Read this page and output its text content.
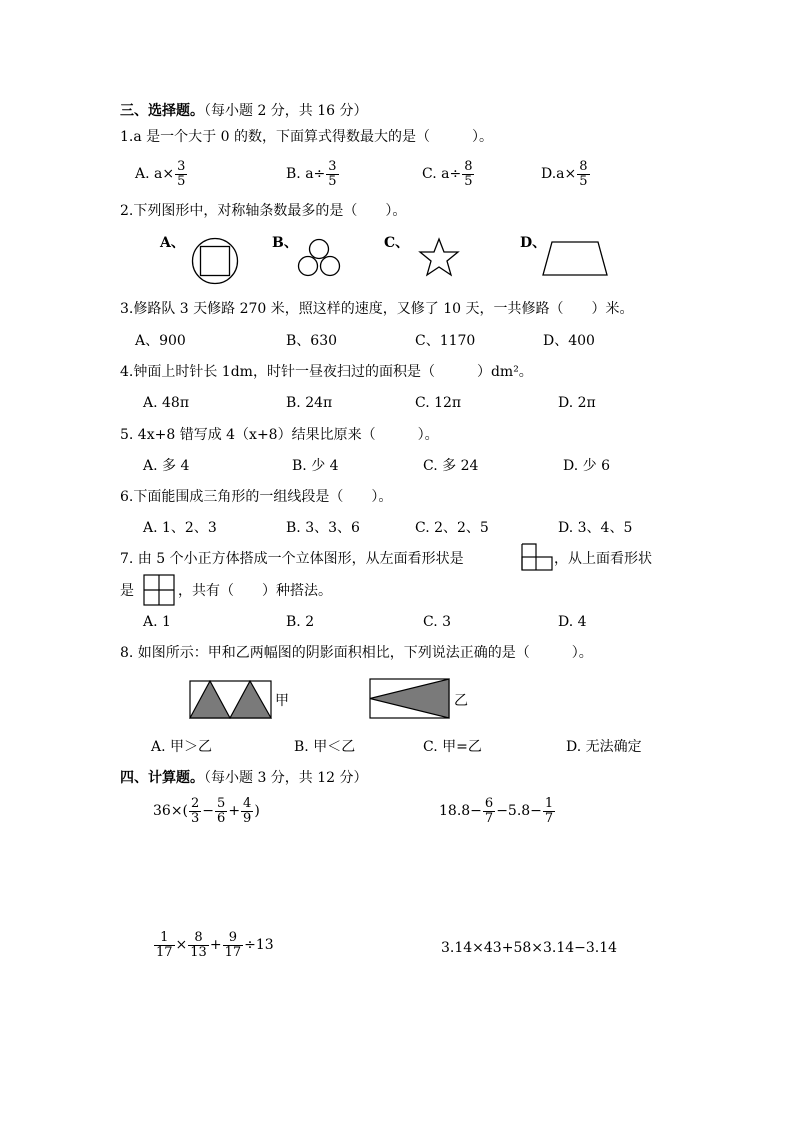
三、选择题。（每小题 2 分，共 16 分）
1.a 是一个大于 0 的数，下面算式得数最大的是（　　　）。
A. $a\times \frac{3}{5}$	B. $a\div \frac{3}{5}$	C. $a\div \frac{8}{5}$	$D.a\times \frac{8}{5}$
2.下列图形中，对称轴条数最多的是（　　）。
A、	B、	C、	D、
3.修路队 3 天修路 270 米，照这样的速度，又修了 10 天，一共修路（　　）米。
A、900	B、630	C、1170	D、400
4.钟面上时针长 1dm，时针一昼夜扫过的面积是（　　　）dm²。
A. 48π	B. 24π	C. 12π	D. 2π
5. 4x+8 错写成 4（x+8）结果比原来（　　　）。
A. 多 4	B. 少 4	C. 多 24	D. 少 6
6.下面能围成三角形的一组线段是（　　）。
A. 1、2、3	B. 3、3、6	C. 2、2、5	D. 3、4、5
7. 由 5 个小正方体搭成一个立体图形，从左面看形状是	，从上面看形状
是	，共有（　　）种搭法。
A. 1	B. 2	C. 3	D. 4
8. 如图所示：甲和乙两幅图的阴影面积相比，下列说法正确的是（　　　）。
甲	乙
A. 甲＞乙	B. 甲＜乙	C. 甲=乙	D. 无法确定
四、计算题。（每小题 3 分，共 12 分）
$36\times( \frac{2}{3} - \frac{5}{6} + \frac{4}{9}$ )	$18.8- \frac{6}{7} -5.8- \frac{1}{7}$
$\frac{1}{17} \times \frac{8}{13} + \frac{9}{17} \div 13$	3.14×43+58×3.14−3.14
